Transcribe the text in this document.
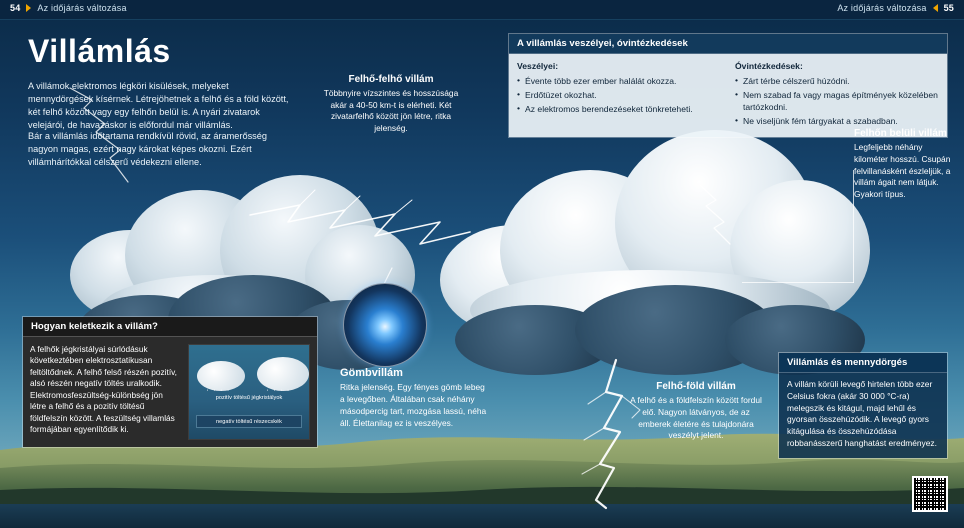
54 Az időjárás változása	Az időjárás változása 55
Villámlás
A villámok elektromos légköri kisülések, melyeket mennydörgések kísérnek. Létrejöhetnek a felhő és a föld között, két felhő között vagy egy felhőn belül is. A nyári zivatarok velejárói, de havazáskor is előfordul már villámlás.
Bár a villámlás időtartama rendkívül rövid, az áramerősség nagyon magas, ezért nagy károkat képes okozni. Ezért villámhárítókkal célszerű védekezni ellene.
A villámlás veszélyei, óvintézkedések
Veszélyei:
• Évente több ezer ember halálát okozza.
• Erdőtüzet okozhat.
• Az elektromos berendezéseket tönkreteheti.
Óvintézkedések:
• Zárt térbe célszerű húzódni.
• Nem szabad fa vagy magas építmények közelében tartózkodni.
• Ne viseljünk fém tárgyakat a szabadban.
Felhő-felhő villám
Többnyire vízszintes és hosszúsága akár a 40-50 km-t is elérheti. Két zivatarfelhő között jön létre, ritka jelenség.
Felhőn belüli villám
Legfeljebb néhány kilométer hosszú. Csupán felvillanásként észleljük, a villám ágait nem látjuk. Gyakori típus.
Gömbvillám
Ritka jelenség. Egy fényes gömb lebeg a levegőben. Általában csak néhány másodpercig tart, mozgása lassú, néha áll. Élettanilag ez is veszélyes.
Felhő-föld villám
A felhő és a földfelszín között fordul elő. Nagyon látványos, de az emberek életére és tulajdonára veszélyt jelent.
Hogyan keletkezik a villám?
A felhők jégkristályai súrlódásuk következtében elektrosztatikusan feltöltődnek. A felhő felső részén pozitív, alsó részén negatív töltés uralkodik. Elektromosfeszültség-különbség jön létre a felhő és a pozitív töltésű földfelszín között. A feszültség villamlás formájában egyenlítődik ki.
pozitív töltésű jégkristályok
' ' ' '	' ' ' '
negatív töltésű részecskék
Villámlás és mennydörgés
A villám körüli levegő hirtelen több ezer Celsius fokra (akár 30 000 °C-ra) melegszik és kitágul, majd lehűl és gyorsan összehúzódik. A levegő gyors kitágulása és összehúzódása robbanásszerű hanghatást eredményez.
